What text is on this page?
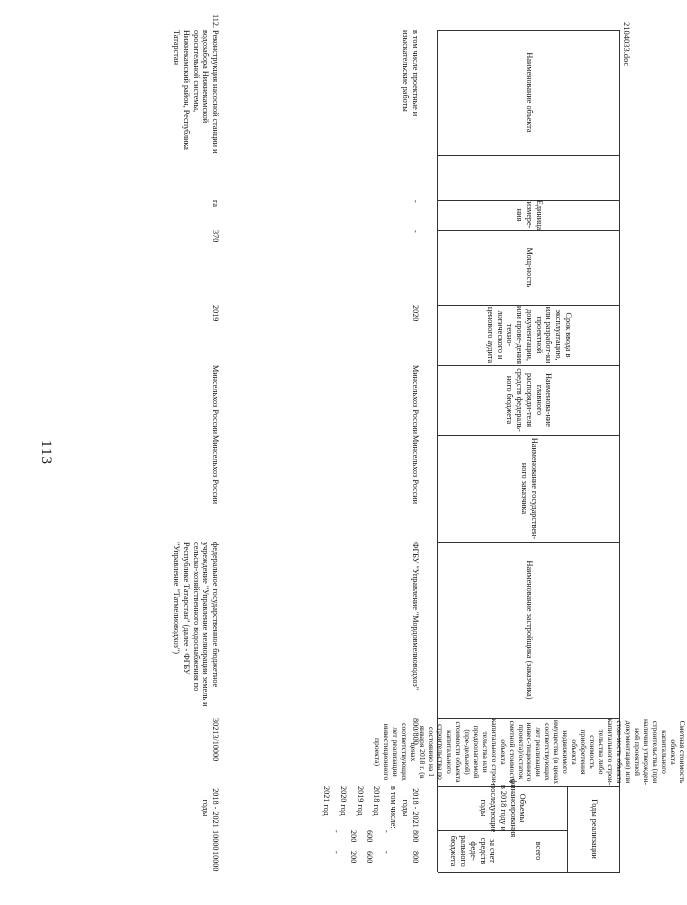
2104033.doc
113
Наименование объекта
Единица измере-ния
Мощ-ность
Срок ввода в эксплуатацию, или разработ-ки проектной документации, или прове-дения техно-логического и ценового аудита
Наименова-ние главного распоряди-теля средств федераль-ного бюджета
Наименование государствен-ного заказчика
Наименование застройщика (заказчика)
Сметная стоимость объекта капитального строительства (при наличии утвержден-ной проектной документации) или стои-мость объекта капитального строи-тельства либо стоимость приобретения объекта недвижимого имущества (в ценах соответствующих лет реализации инвес-тиционного проекта)/остаток сметной стоимости объекта капитального строи-тельства или предполагаемой (пре-дельной) стоимости объекта капитального строительства по состоянию на 1 января 2018 г. (в ценах соответствующих лет реализации инвестиционного проекта)
Годы реализации
Объемы финансирования в 2018 году и последующие годы
всего
за счет средств феде-рального бюджета
в том числе проектные и изыскательские работы
-
-
2020
Минсельхоз России
Минсельхоз России
ФГБУ "Управление "Мордовмелиоводхоз"
800/800
2018 - 2021 годы
800
800
в том числе:
2018 год
2019 год
2020 год
2021 год
-
600
200
-
-
600
200
-
112.
Реконструкция насосной станции и водозабора Нижнекамской оросительной системы, Нижнекамский район, Республика Татарстан
га
370
2019
Минсельхоз России
Минсельхоз России
федеральное государственное бюджетное учреждение "Управление мелиорации земель и сельско-хозяйственного водоснабжения по Республике Татарстан" (далее - ФГБУ "Управление "Татмелиоводхоз")
30213/10000
2018 - 2021 годы
10000
10000
